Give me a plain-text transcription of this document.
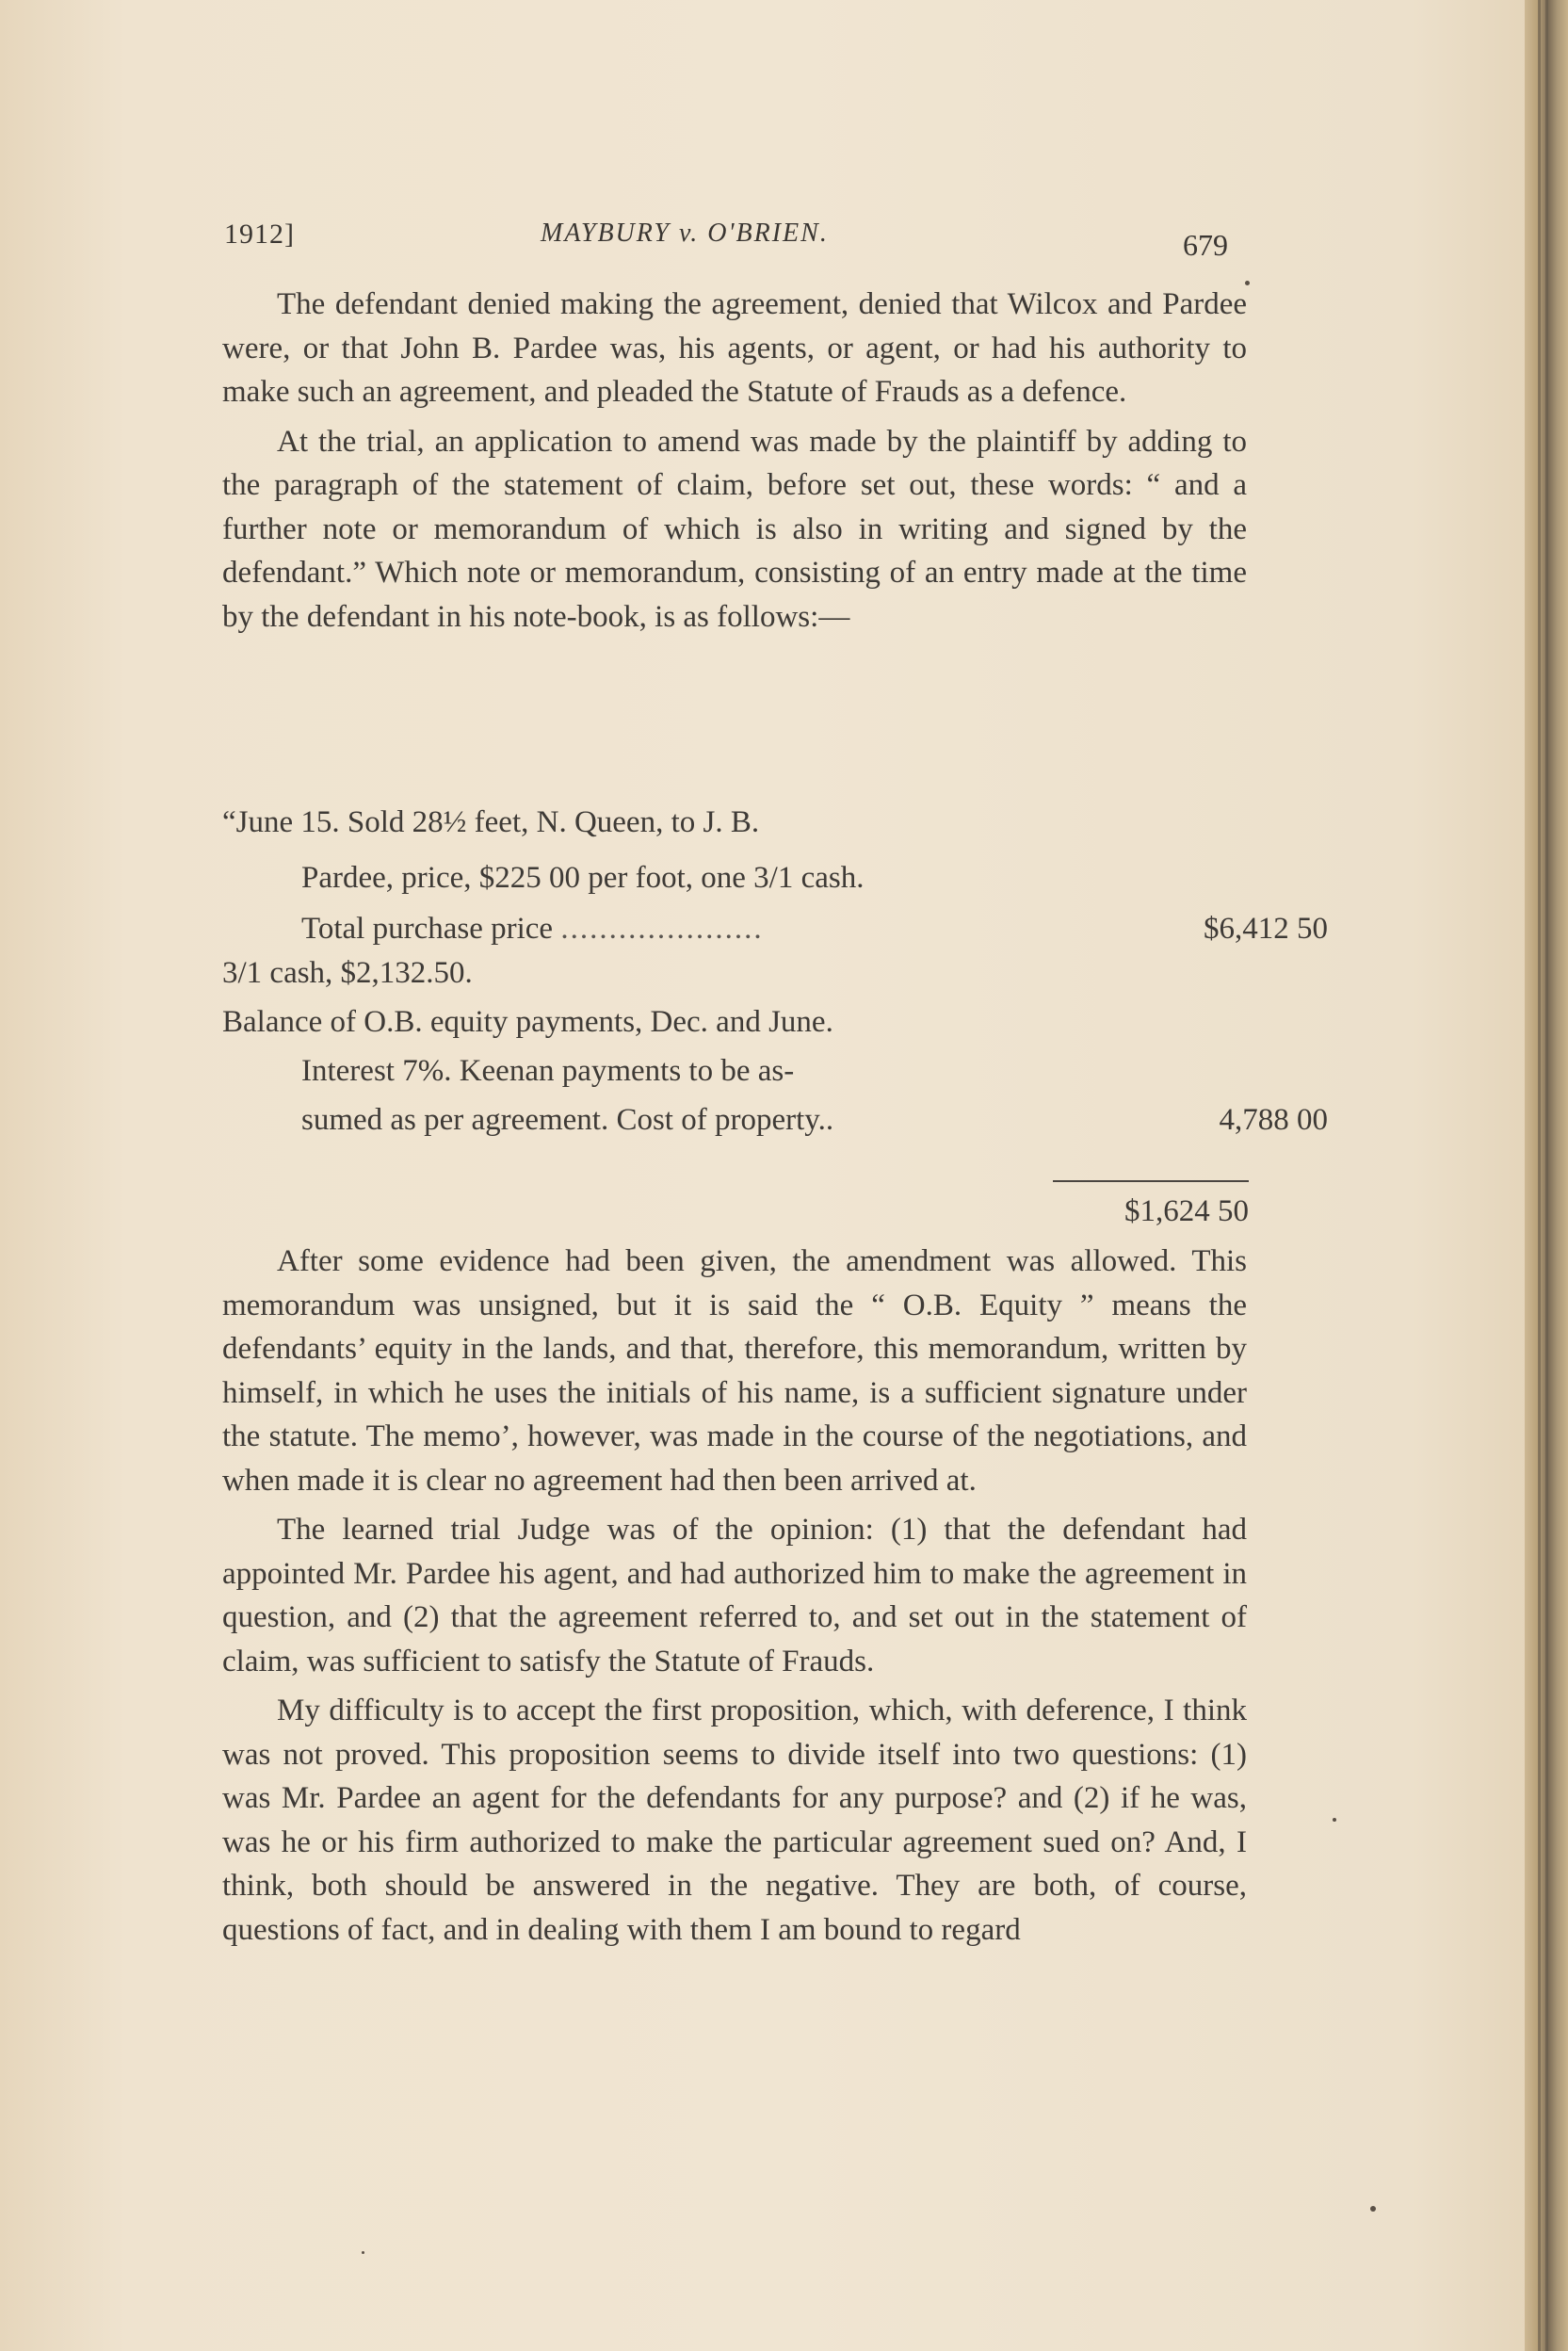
1912]	MAYBURY v. O'BRIEN.	679

The defendant denied making the agreement, denied that Wilcox and Pardee were, or that John B. Pardee was, his agents, or agent, or had his authority to make such an agreement, and pleaded the Statute of Frauds as a defence.

At the trial, an application to amend was made by the plaintiff by adding to the paragraph of the statement of claim, before set out, these words: “ and a further note or memorandum of which is also in writing and signed by the defendant.” Which note or memorandum, consisting of an entry made at the time by the defendant in his note-book, is as follows:—

“June 15. Sold 28½ feet, N. Queen, to J. B.
Pardee, price, $225 00 per foot, one 3/1 cash.
Total purchase price .....................	$6,412 50
3/1 cash, $2,132.50.
Balance of O.B. equity payments, Dec. and June.
Interest 7%. Keenan payments to be as-
sumed as per agreement. Cost of property..	4,788 00
$1,624 50

After some evidence had been given, the amendment was allowed. This memorandum was unsigned, but it is said the “ O.B. Equity ” means the defendants’ equity in the lands, and that, therefore, this memorandum, written by himself, in which he uses the initials of his name, is a sufficient signature under the statute. The memo’, however, was made in the course of the negotiations, and when made it is clear no agreement had then been arrived at.

The learned trial Judge was of the opinion: (1) that the defendant had appointed Mr. Pardee his agent, and had authorized him to make the agreement in question, and (2) that the agreement referred to, and set out in the statement of claim, was sufficient to satisfy the Statute of Frauds.

My difficulty is to accept the first proposition, which, with deference, I think was not proved. This proposition seems to divide itself into two questions: (1) was Mr. Pardee an agent for the defendants for any purpose? and (2) if he was, was he or his firm authorized to make the particular agreement sued on? And, I think, both should be answered in the negative. They are both, of course, questions of fact, and in dealing with them I am bound to regard
